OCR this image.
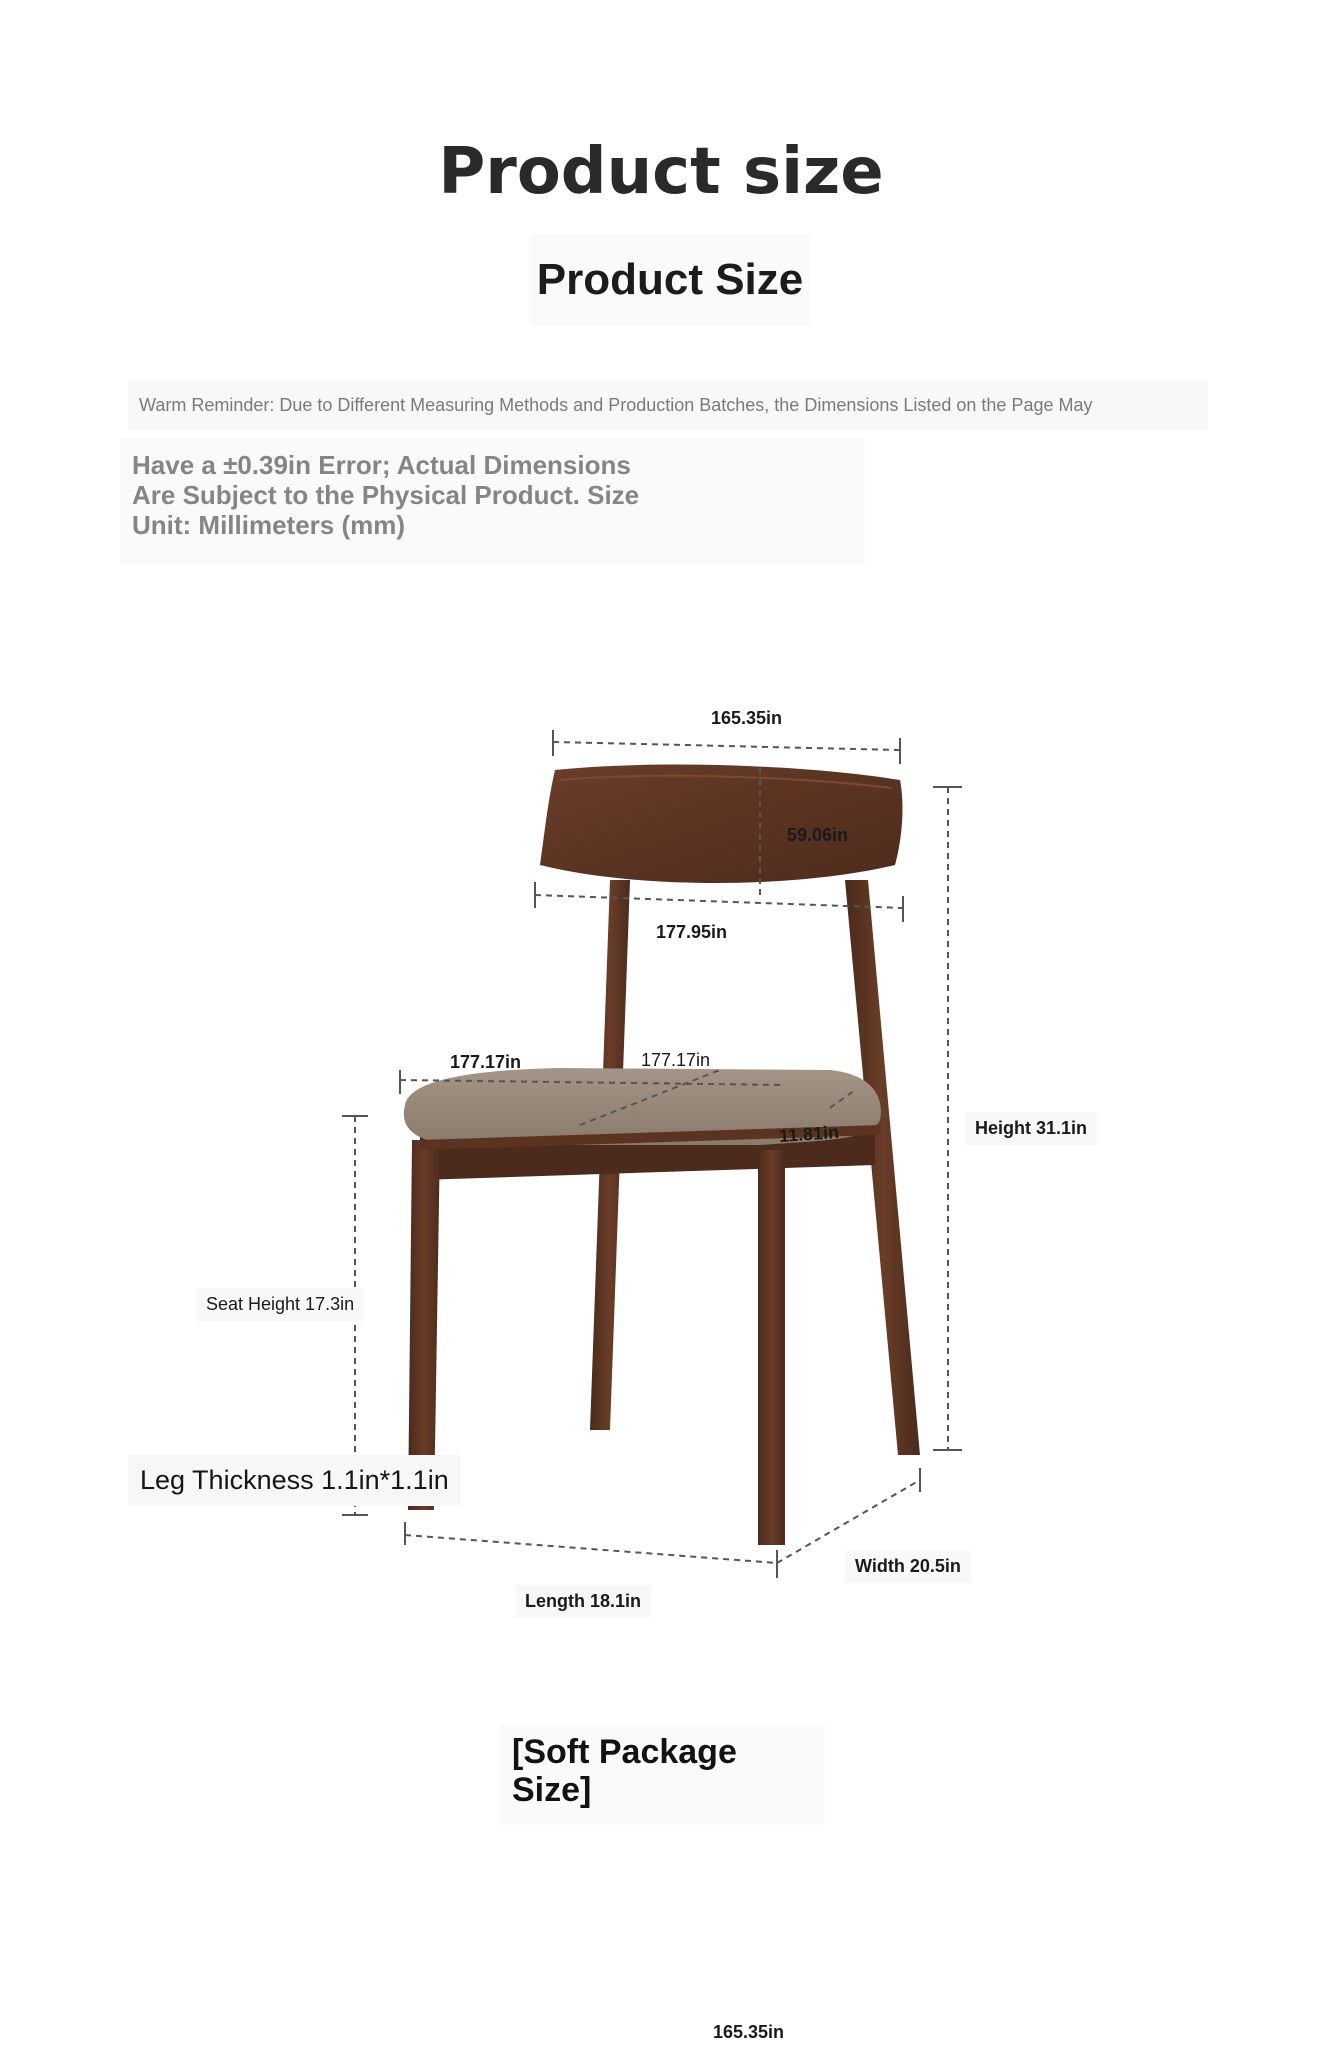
Product size
Product Size
Warm Reminder: Due to Different Measuring Methods and Production Batches, the Dimensions Listed on the Page May
Have a ±0.39in Error; Actual Dimensions
Are Subject to the Physical Product. Size
Unit: Millimeters (mm)
165.35in
59.06in
177.95in
177.17in	177.17in
11.81in	Height 31.1in
Seat Height 17.3in
Leg Thickness 1.1in*1.1in
Width 20.5in
Length 18.1in
[Soft Package Size]
165.35in
